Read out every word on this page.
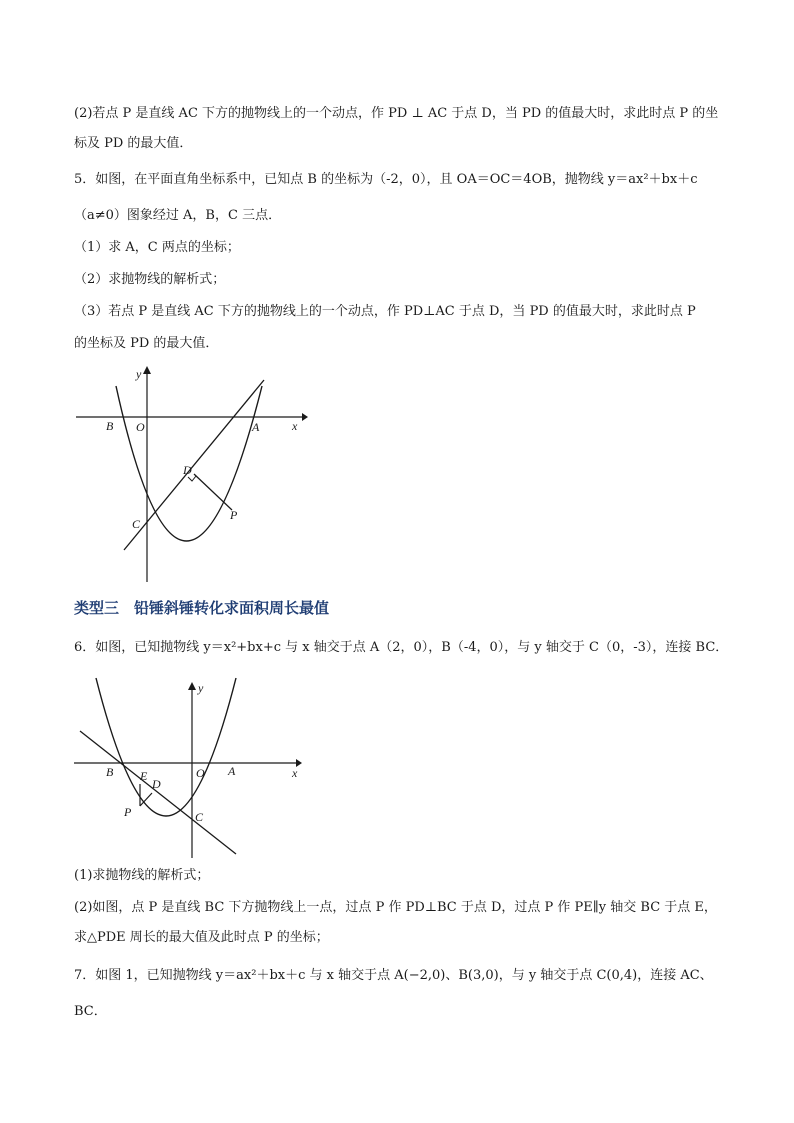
(2)若点 P 是直线 AC 下方的抛物线上的一个动点，作 PD ⊥ AC 于点 D，当 PD 的值最大时，求此时点 P 的坐
标及 PD 的最大值．
5．如图，在平面直角坐标系中，已知点 B 的坐标为（-2，0），且 OA＝OC＝4OB，抛物线 y＝ax²＋bx＋c
（a≠0）图象经过 A，B，C 三点．
（1）求 A，C 两点的坐标；
（2）求抛物线的解析式；
（3）若点 P 是直线 AC 下方的抛物线上的一个动点，作 PD⊥AC 于点 D，当 PD 的值最大时，求此时点 P
的坐标及 PD 的最大值．
y
x
B O	A
D
C
P
类型三　铅锤斜锤转化求面积周长最值
6．如图，已知抛物线 y＝x²+bx+c 与 x 轴交于点 A（2，0），B（-4，0），与 y 轴交于 C（0，-3），连接 BC．
y
x
B E
D
O A
P	C
(1)求抛物线的解析式；
(2)如图，点 P 是直线 BC 下方抛物线上一点，过点 P 作 PD⊥BC 于点 D，过点 P 作 PE∥y 轴交 BC 于点 E，
求△PDE 周长的最大值及此时点 P 的坐标；
7．如图 1，已知抛物线 y＝ax²＋bx＋c 与 x 轴交于点 A(−2,0)、B(3,0)，与 y 轴交于点 C(0,4)，连接 AC、
BC．
